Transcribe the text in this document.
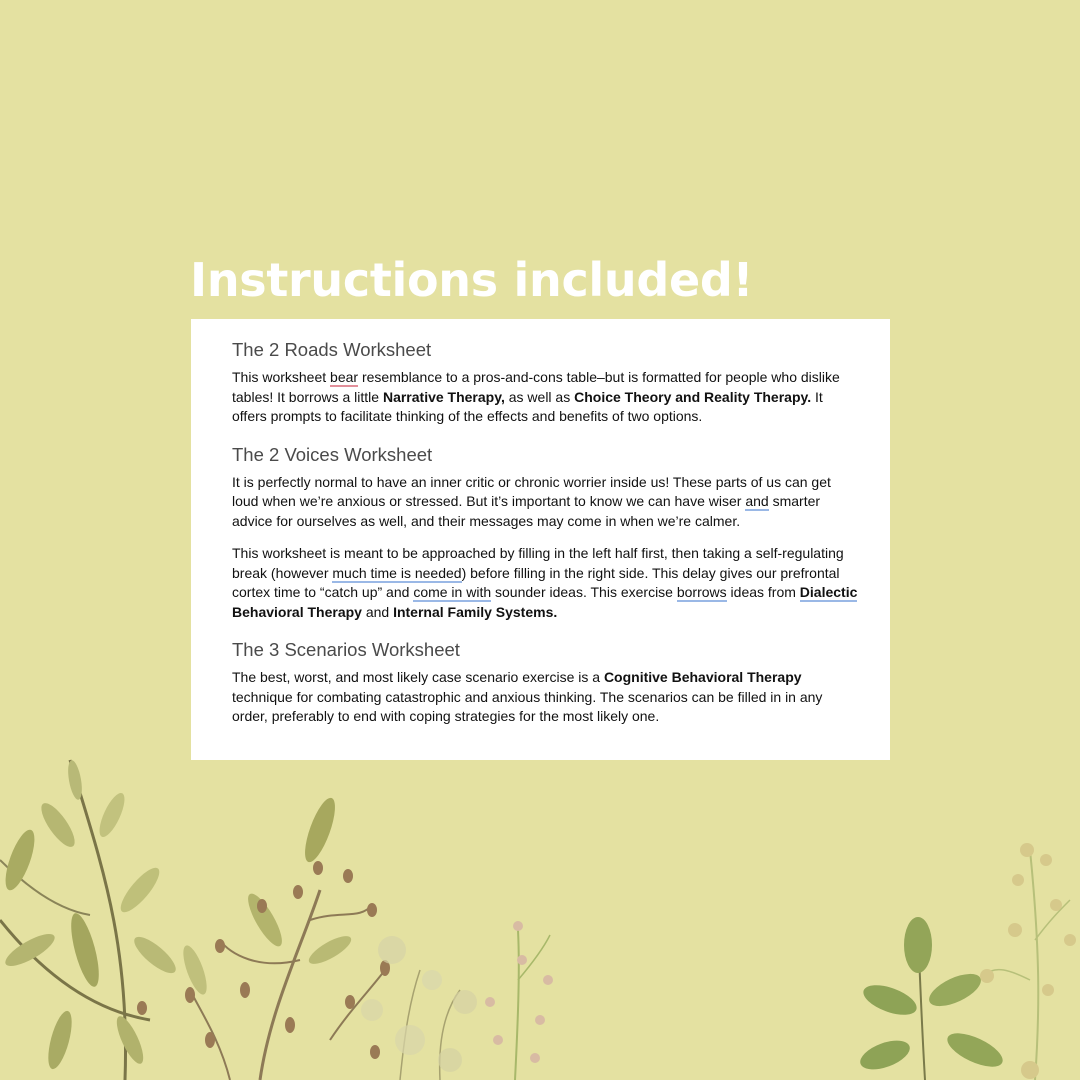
Instructions included!
The 2 Roads Worksheet

This worksheet bear resemblance to a pros-and-cons table–but is formatted for people who dislike tables! It borrows a little Narrative Therapy, as well as Choice Theory and Reality Therapy. It offers prompts to facilitate thinking of the effects and benefits of two options.

The 2 Voices Worksheet

It is perfectly normal to have an inner critic or chronic worrier inside us! These parts of us can get loud when we’re anxious or stressed. But it’s important to know we can have wiser and smarter advice for ourselves as well, and their messages may come in when we’re calmer.

This worksheet is meant to be approached by filling in the left half first, then taking a self-regulating break (however much time is needed) before filling in the right side. This delay gives our prefrontal cortex time to “catch up” and come in with sounder ideas. This exercise borrows ideas from Dialectic Behavioral Therapy and Internal Family Systems.

The 3 Scenarios Worksheet

The best, worst, and most likely case scenario exercise is a Cognitive Behavioral Therapy technique for combating catastrophic and anxious thinking. The scenarios can be filled in in any order, preferably to end with coping strategies for the most likely one.
